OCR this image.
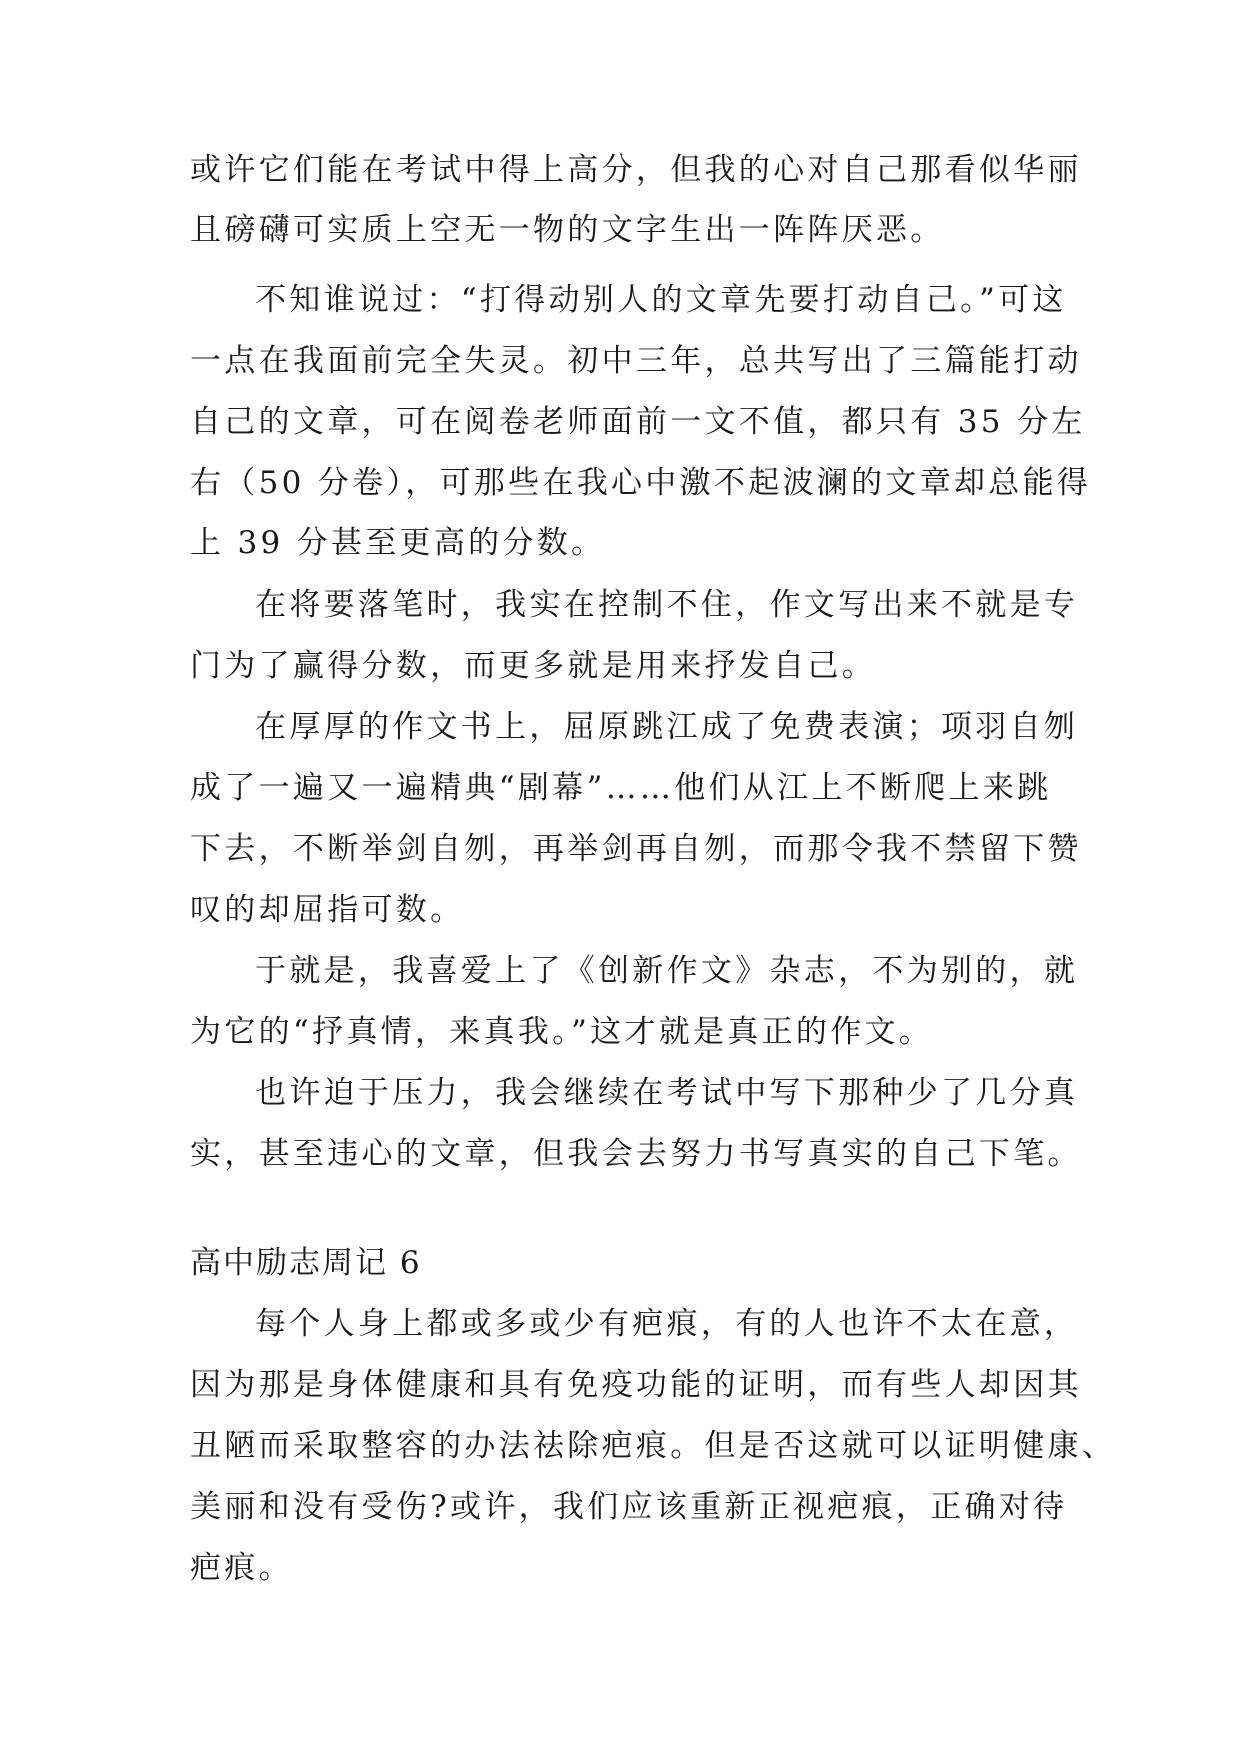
或许它们能在考试中得上高分，但我的心对自己那看似华丽
且磅礴可实质上空无一物的文字生出一阵阵厌恶。
不知谁说过：“打得动别人的文章先要打动自己。”可这
一点在我面前完全失灵。初中三年，总共写出了三篇能打动
自己的文章，可在阅卷老师面前一文不值，都只有 35 分左
右（50 分卷），可那些在我心中激不起波澜的文章却总能得
上 39 分甚至更高的分数。
在将要落笔时，我实在控制不住，作文写出来不就是专
门为了赢得分数，而更多就是用来抒发自己。
在厚厚的作文书上，屈原跳江成了免费表演；项羽自刎
成了一遍又一遍精典“剧幕”……他们从江上不断爬上来跳
下去，不断举剑自刎，再举剑再自刎，而那令我不禁留下赞
叹的却屈指可数。
于就是，我喜爱上了《创新作文》杂志，不为别的，就
为它的“抒真情，来真我。”这才就是真正的作文。
也许迫于压力，我会继续在考试中写下那种少了几分真
实，甚至违心的文章，但我会去努力书写真实的自己下笔。
高中励志周记 6
每个人身上都或多或少有疤痕，有的人也许不太在意，
因为那是身体健康和具有免疫功能的证明，而有些人却因其
丑陋而采取整容的办法祛除疤痕。但是否这就可以证明健康、
美丽和没有受伤?或许，我们应该重新正视疤痕，正确对待
疤痕。
